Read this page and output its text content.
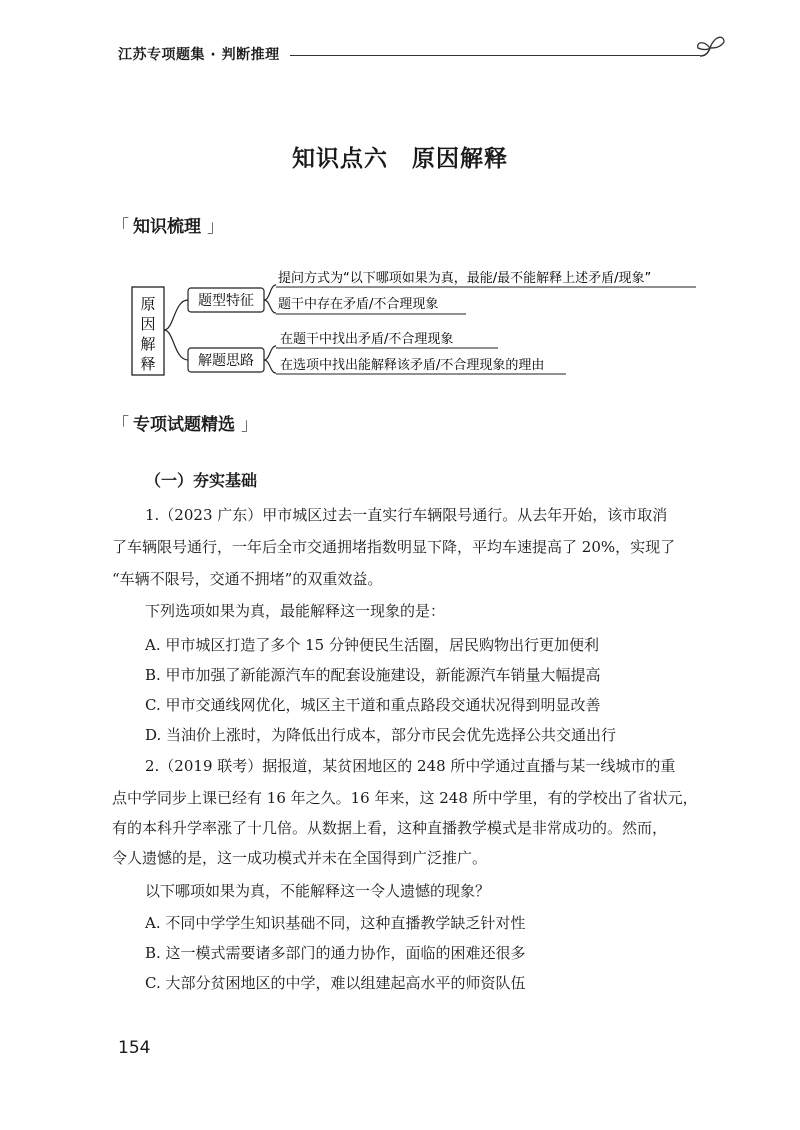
江苏专项题集 · 判断推理
知识点六　原因解释
「 知识梳理 」
原
因
解
释
题型特征
提问方式为“以下哪项如果为真，最能/最不能解释上述矛盾/现象”
题干中存在矛盾/不合理现象
解题思路
在题干中找出矛盾/不合理现象
在选项中找出能解释该矛盾/不合理现象的理由
「 专项试题精选 」
（一）夯实基础
1.（2023 广东）甲市城区过去一直实行车辆限号通行。从去年开始，该市取消
了车辆限号通行，一年后全市交通拥堵指数明显下降，平均车速提高了 20%，实现了
“车辆不限号，交通不拥堵”的双重效益。
下列选项如果为真，最能解释这一现象的是：
A. 甲市城区打造了多个 15 分钟便民生活圈，居民购物出行更加便利
B. 甲市加强了新能源汽车的配套设施建设，新能源汽车销量大幅提高
C. 甲市交通线网优化，城区主干道和重点路段交通状况得到明显改善
D. 当油价上涨时，为降低出行成本，部分市民会优先选择公共交通出行
2.（2019 联考）据报道，某贫困地区的 248 所中学通过直播与某一线城市的重
点中学同步上课已经有 16 年之久。16 年来，这 248 所中学里，有的学校出了省状元，
有的本科升学率涨了十几倍。从数据上看，这种直播教学模式是非常成功的。然而，
令人遗憾的是，这一成功模式并未在全国得到广泛推广。
以下哪项如果为真，不能解释这一令人遗憾的现象？
A. 不同中学学生知识基础不同，这种直播教学缺乏针对性
B. 这一模式需要诸多部门的通力协作，面临的困难还很多
C. 大部分贫困地区的中学，难以组建起高水平的师资队伍
154
